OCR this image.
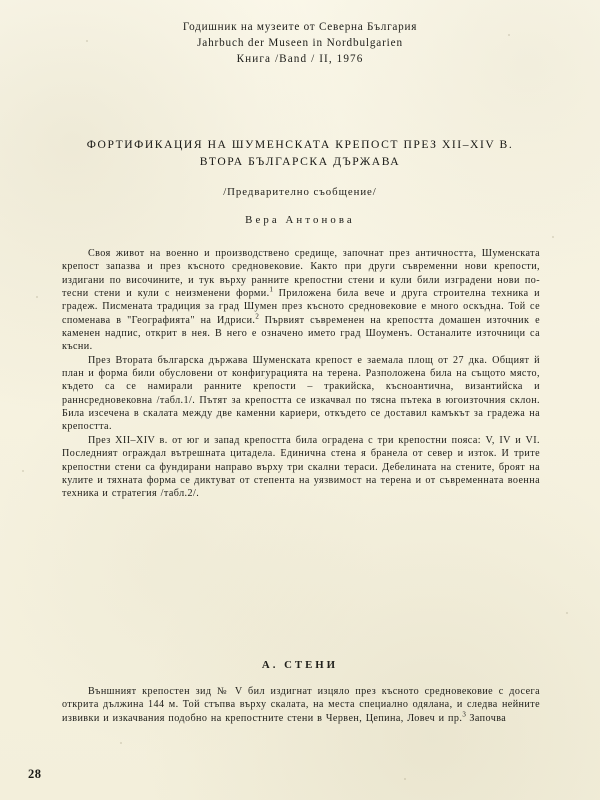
Годишник на музеите от Северна България
Jahrbuch der Museen in Nordbulgarien
Книга /Band / II, 1976
ФОРТИФИКАЦИЯ НА ШУМЕНСКАТА КРЕПОСТ ПРЕЗ XII–XIV В.
ВТОРА БЪЛГАРСКА ДЪРЖАВА
/Предварително съобщение/
Вера Антонова

Своя живот на военно и производствено средище, започнат през античността, Шуменската крепост запазва и през късното средновековие. Както при други съвременни нови крепости, издигани по височините, и тук върху ранните крепостни стени и кули били изградени нови по-тесни стени и кули с неизменени форми.$^1$ Приложена била вече и друга строителна техника и градеж. Писмената традиция за град Шумен през късното средновековие е много оскъдна. Той се споменава в "Географията" на Идриси.$^2$ Първият съвременен на крепостта домашен източник е каменен надпис, открит в нея. В него е означено името град Шоуменъ. Останалите източници са късни.

През Втората българска държава Шуменската крепост е заемала площ от 27 дка. Общият й план и форма били обусловени от конфигурацията на терена. Разположена била на същото място, където са се намирали ранните крепости – тракийска, късноантична, византийска и раннсредновековна /табл.1/. Пътят за крепостта се изкачвал по тясна пътека в югоизточния склон. Била изсечена в скалата между две каменни кариери, откъдето се доставил камъкът за градежа на крепостта.

През XII–XIV в. от юг и запад крепостта била оградена с три крепостни пояса: V, IV и VI. Последният ограждал вътрешната цитадела. Единична стена я бранела от север и изток. И трите крепостни стени са фундирани направо върху три скални тераси. Дебелината на стените, броят на кулите и тяхната форма се диктуват от степента на уязвимост на терена и от съвременната военна техника и стратегия /табл.2/.

А. СТЕНИ

Външният крепостен зид № V бил издигнат изцяло през късното средновековие с досега открита дължина 144 м. Той стъпва върху скалата, на места специално одялана, и следва нейните извивки и изкачвания подобно на крепостните стени в Червен, Цепина, Ловеч и пр.$^3$ Започва

28
